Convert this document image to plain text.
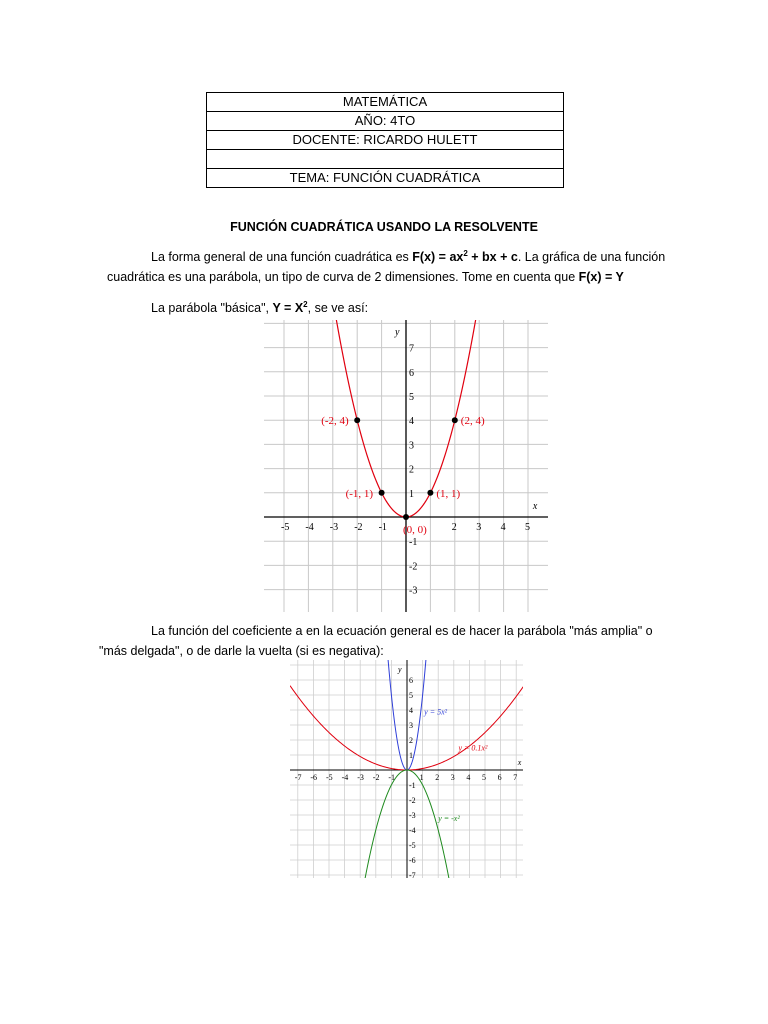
MATEMÁTICA
AÑO: 4TO
DOCENTE: RICARDO HULETT

TEMA: FUNCIÓN CUADRÁTICA
FUNCIÓN CUADRÁTICA USANDO LA RESOLVENTE
La forma general de una función cuadrática es $F(x) = ax^2$ + bx + c. La gráfica de una función
cuadrática es una parábola, un tipo de curva de 2 dimensiones. Tome en cuenta que F(x) = Y
La parábola "básica", $Y = X^2$, se ve así:
-5 -4 -3 -2 -1	2 3 4 5
7
6
5
4
3
2
1
-1
-2
-3
x
y
(-2, 4)	(2, 4)
(-1, 1)	(1, 1)
(0, 0)
La función del coeficiente a en la ecuación general es de hacer la parábola "más amplia" o
"más delgada", o de darle la vuelta (si es negativa):
-7 -6 -5 -4 -3 -2 -1	1 2 3 4 5 6 7
6
5
4
3
2
1
-1
-2
-3
-4
-5
-6
-7
x
y
y = 5x²
y = 0.1x²
y = -x²
